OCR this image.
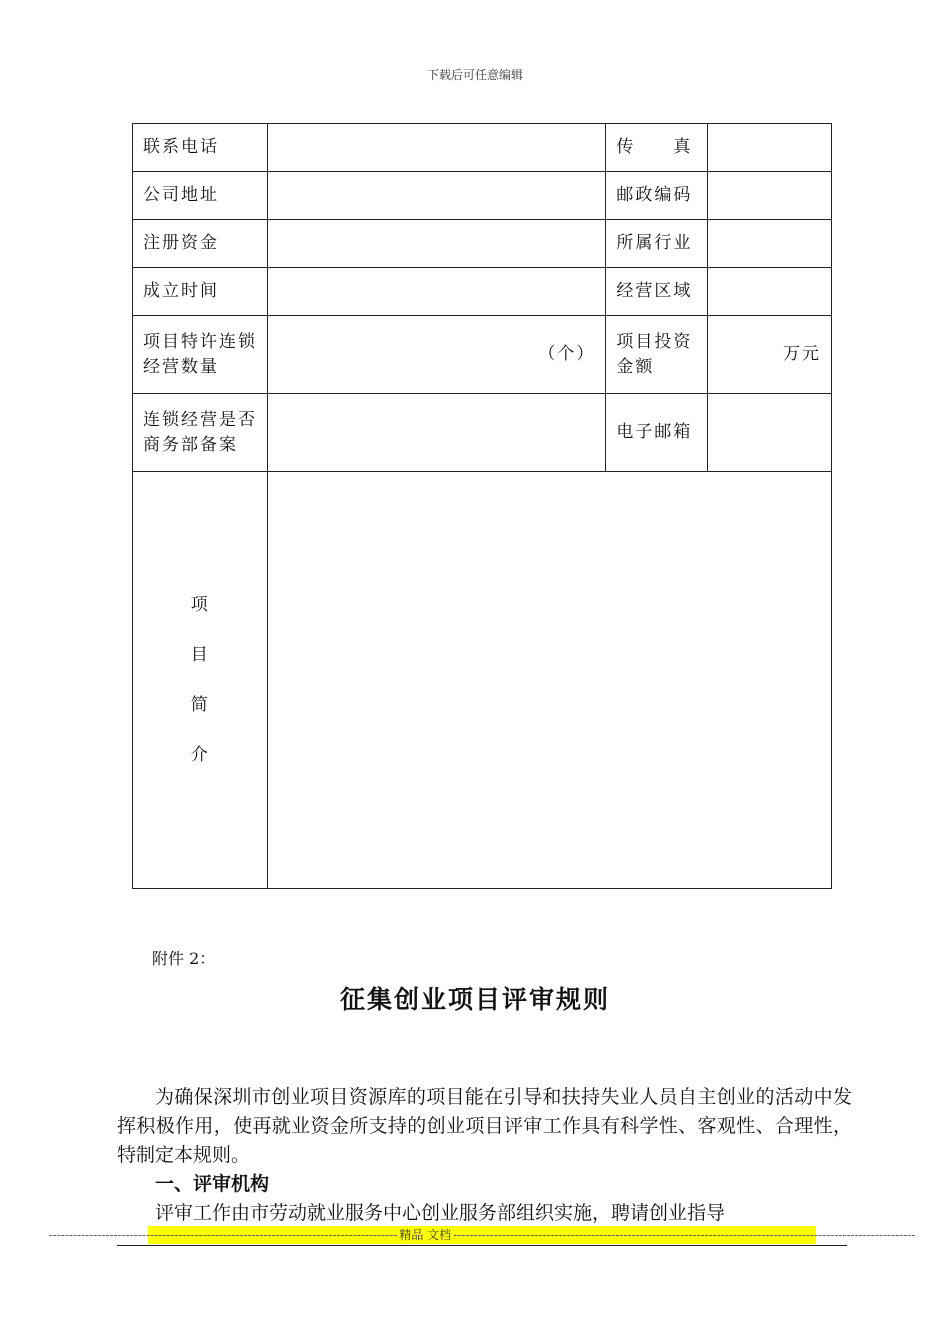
下载后可任意编辑
联系电话		传　　真	
公司地址		邮政编码	
注册资金		所属行业	
成立时间		经营区域	
项目特许连锁经营数量	（个）	项目投资金额	万元
连锁经营是否商务部备案		电子邮箱	

项
目
简
介			

附件 2：
征集创业项目评审规则

为确保深圳市创业项目资源库的项目能在引导和扶持失业人员自主创业的活动中发挥积极作用，使再就业资金所支持的创业项目评审工作具有科学性、客观性、合理性，特制定本规则。

一、评审机构

评审工作由市劳动就业服务中心创业服务部组织实施，聘请创业指导

-------------------------------------------------------------------------------------- 精品 文档 ------------------------------------------------------------------------------------------------------------------
